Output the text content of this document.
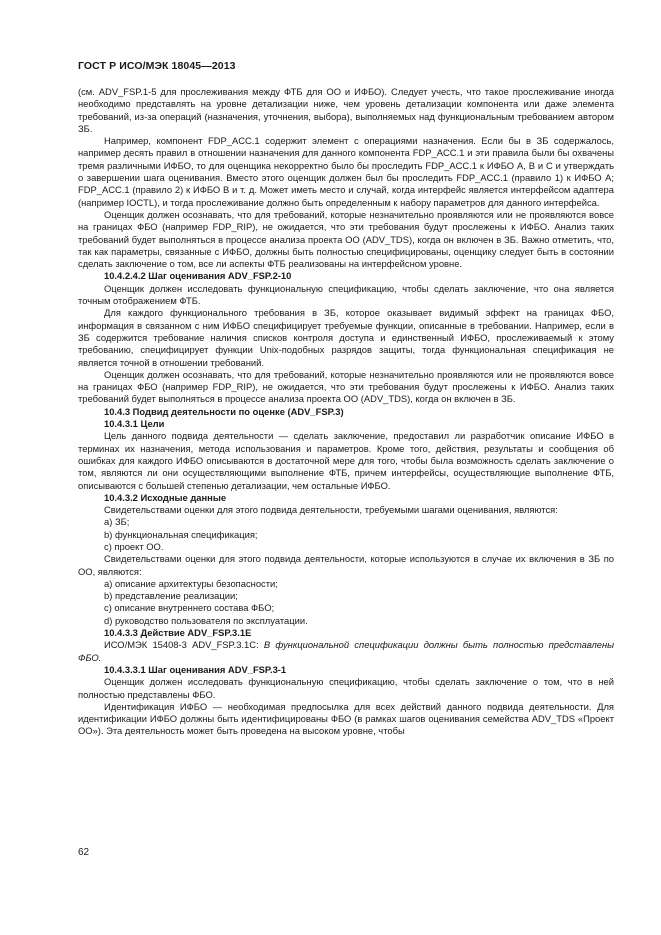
ГОСТ Р ИСО/МЭК 18045—2013

(см. ADV_FSP.1-5 для прослеживания между ФТБ для ОО и ИФБО). Следует учесть, что такое прослеживание иногда необходимо представлять на уровне детализации ниже, чем уровень детализации компонента или даже элемента требований, из-за операций (назначения, уточнения, выбора), выполняемых над функциональным требованием автором ЗБ.

Например, компонент FDP_ACC.1 содержит элемент с операциями назначения. Если бы в ЗБ содержалось, например десять правил в отношении назначения для данного компонента FDP_ACC.1 и эти правила были бы охвачены тремя различными ИФБО, то для оценщика некорректно было бы проследить FDP_ACC.1 к ИФБО А, В и С и утверждать о завершении шага оценивания. Вместо этого оценщик должен был бы проследить FDP_ACC.1 (правило 1) к ИФБО А; FDP_ACC.1 (правило 2) к ИФБО В и т. д. Может иметь место и случай, когда интерфейс является интерфейсом адаптера (например IOCTL), и тогда прослеживание должно быть определенным к набору параметров для данного интерфейса.

Оценщик должен осознавать, что для требований, которые незначительно проявляются или не проявляются вовсе на границах ФБО (например FDP_RIP), не ожидается, что эти требования будут прослежены к ИФБО. Анализ таких требований будет выполняться в процессе анализа проекта ОО (ADV_TDS), когда он включен в ЗБ. Важно отметить, что, так как параметры, связанные с ИФБО, должны быть полностью специфицированы, оценщику следует быть в состоянии сделать заключение о том, все ли аспекты ФТБ реализованы на интерфейсном уровне.

10.4.2.4.2 Шаг оценивания ADV_FSP.2-10

Оценщик должен исследовать функциональную спецификацию, чтобы сделать заключение, что она является точным отображением ФТБ.

Для каждого функционального требования в ЗБ, которое оказывает видимый эффект на границах ФБО, информация в связанном с ним ИФБО специфицирует требуемые функции, описанные в требовании. Например, если в ЗБ содержится требование наличия списков контроля доступа и единственный ИФБО, прослеживаемый к этому требованию, специфицирует функции Unix-подобных разрядов защиты, тогда функциональная спецификация не является точной в отношении требований.

Оценщик должен осознавать, что для требований, которые незначительно проявляются или не проявляются вовсе на границах ФБО (например FDP_RIP), не ожидается, что эти требования будут прослежены к ИФБО. Анализ таких требований будет выполняться в процессе анализа проекта ОО (ADV_TDS), когда он включен в ЗБ.

10.4.3 Подвид деятельности по оценке (ADV_FSP.3)

10.4.3.1 Цели

Цель данного подвида деятельности — сделать заключение, предоставил ли разработчик описание ИФБО в терминах их назначения, метода использования и параметров. Кроме того, действия, результаты и сообщения об ошибках для каждого ИФБО описываются в достаточной мере для того, чтобы была возможность сделать заключение о том, являются ли они осуществляющими выполнение ФТБ, причем интерфейсы, осуществляющие выполнение ФТБ, описываются с большей степенью детализации, чем остальные ИФБО.

10.4.3.2 Исходные данные

Свидетельствами оценки для этого подвида деятельности, требуемыми шагами оценивания, являются:

а) ЗБ;

b) функциональная спецификация;

c) проект ОО.

Свидетельствами оценки для этого подвида деятельности, которые используются в случае их включения в ЗБ по ОО, являются:

а) описание архитектуры безопасности;

b) представление реализации;

c) описание внутреннего состава ФБО;

d) руководство пользователя по эксплуатации.

10.4.3.3 Действие ADV_FSP.3.1E

ИСО/МЭК 15408-3 ADV_FSP.3.1C: В функциональной спецификации должны быть полностью представлены ФБО.

10.4.3.3.1 Шаг оценивания ADV_FSP.3-1

Оценщик должен исследовать функциональную спецификацию, чтобы сделать заключение о том, что в ней полностью представлены ФБО.

Идентификация ИФБО — необходимая предпосылка для всех действий данного подвида деятельности. Для идентификации ИФБО должны быть идентифицированы ФБО (в рамках шагов оценивания семейства ADV_TDS «Проект ОО»). Эта деятельность может быть проведена на высоком уровне, чтобы

62
